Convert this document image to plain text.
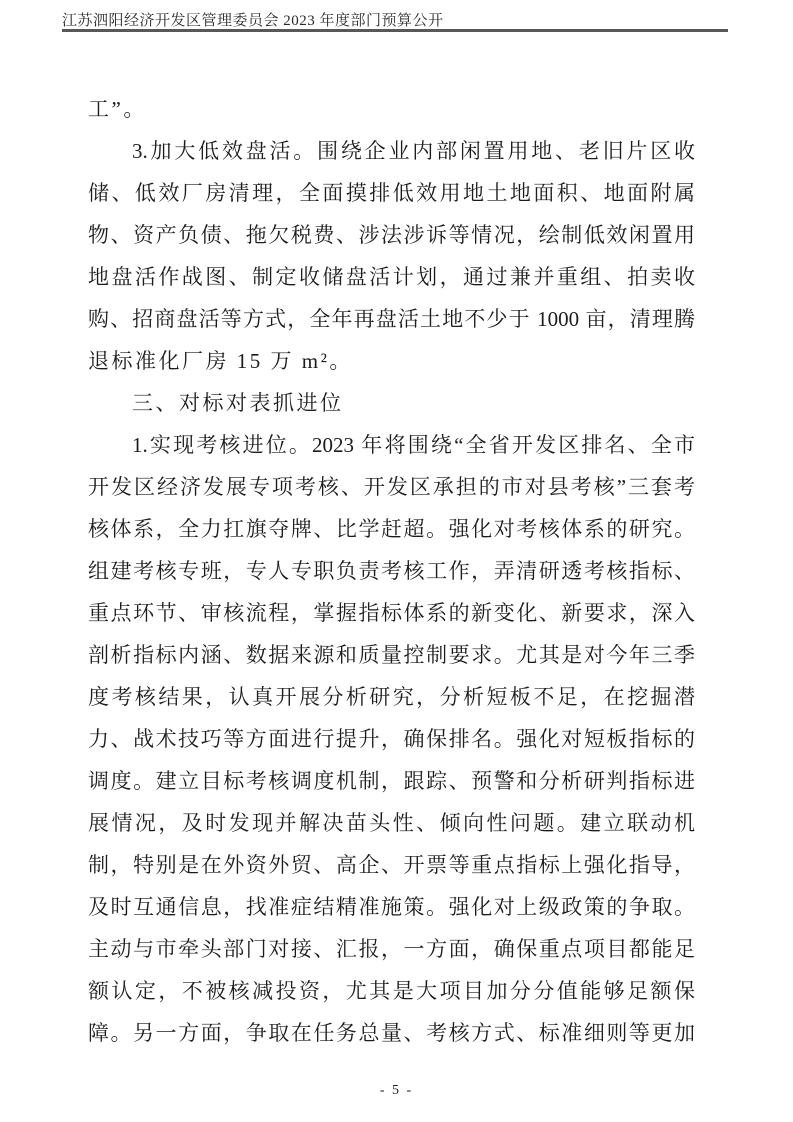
江苏泗阳经济开发区管理委员会 2023 年度部门预算公开
工”。
3.加大低效盘活。围绕企业内部闲置用地、老旧片区收
储、低效厂房清理，全面摸排低效用地土地面积、地面附属
物、资产负债、拖欠税费、涉法涉诉等情况，绘制低效闲置用
地盘活作战图、制定收储盘活计划，通过兼并重组、拍卖收
购、招商盘活等方式，全年再盘活土地不少于 1000 亩，清理腾
退标准化厂房 15 万 m²。
三、对标对表抓进位
1.实现考核进位。2023 年将围绕“全省开发区排名、全市
开发区经济发展专项考核、开发区承担的市对县考核”三套考
核体系，全力扛旗夺牌、比学赶超。强化对考核体系的研究。
组建考核专班，专人专职负责考核工作，弄清研透考核指标、
重点环节、审核流程，掌握指标体系的新变化、新要求，深入
剖析指标内涵、数据来源和质量控制要求。尤其是对今年三季
度考核结果，认真开展分析研究，分析短板不足，在挖掘潜
力、战术技巧等方面进行提升，确保排名。强化对短板指标的
调度。建立目标考核调度机制，跟踪、预警和分析研判指标进
展情况，及时发现并解决苗头性、倾向性问题。建立联动机
制，特别是在外资外贸、高企、开票等重点指标上强化指导，
及时互通信息，找准症结精准施策。强化对上级政策的争取。
主动与市牵头部门对接、汇报，一方面，确保重点项目都能足
额认定，不被核减投资，尤其是大项目加分分值能够足额保
障。另一方面，争取在任务总量、考核方式、标准细则等更加
- 5 -
